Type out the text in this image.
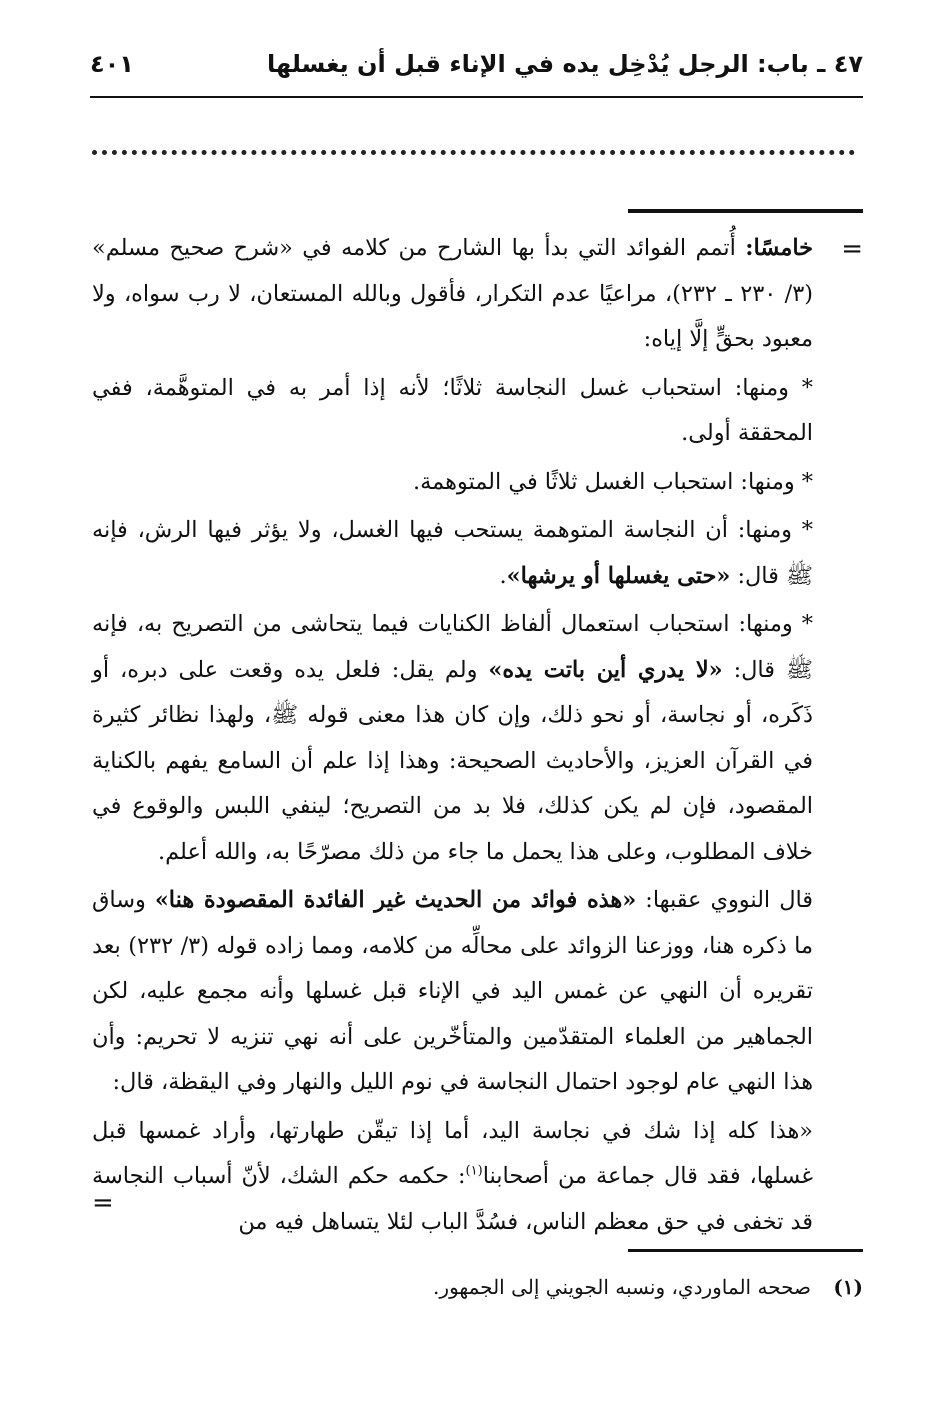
٤٧ ـ باب: الرجل يُدْخِل يده في الإناء قبل أن يغسلها
٤٠١
=

خامسًا: أُتمم الفوائد التي بدأ بها الشارح من كلامه في «شرح صحيح مسلم» (٣/ ٢٣٠ ـ ٢٣٢)، مراعيًا عدم التكرار، فأقول وبالله المستعان، لا رب سواه، ولا معبود بحقٍّ إلَّا إياه:

* ومنها: استحباب غسل النجاسة ثلاثًا؛ لأنه إذا أمر به في المتوهَّمة، ففي المحققة أولى.

* ومنها: استحباب الغسل ثلاثًا في المتوهمة.

* ومنها: أن النجاسة المتوهمة يستحب فيها الغسل، ولا يؤثر فيها الرش، فإنه ﷺ قال: «حتى يغسلها أو يرشها».

* ومنها: استحباب استعمال ألفاظ الكنايات فيما يتحاشى من التصريح به، فإنه ﷺ قال: «لا يدري أين باتت يده» ولم يقل: فلعل يده وقعت على دبره، أو ذَكَره، أو نجاسة، أو نحو ذلك، وإن كان هذا معنى قوله ﷺ، ولهذا نظائر كثيرة في القرآن العزيز، والأحاديث الصحيحة: وهذا إذا علم أن السامع يفهم بالكناية المقصود، فإن لم يكن كذلك، فلا بد من التصريح؛ لينفي اللبس والوقوع في خلاف المطلوب، وعلى هذا يحمل ما جاء من ذلك مصرّحًا به، والله أعلم.

قال النووي عقبها: «هذه فوائد من الحديث غير الفائدة المقصودة هنا» وساق ما ذكره هنا، ووزعنا الزوائد على محالِّه من كلامه، ومما زاده قوله (٣/ ٢٣٢) بعد تقريره أن النهي عن غمس اليد في الإناء قبل غسلها وأنه مجمع عليه، لكن الجماهير من العلماء المتقدّمين والمتأخّرين على أنه نهي تنزيه لا تحريم: وأن هذا النهي عام لوجود احتمال النجاسة في نوم الليل والنهار وفي اليقظة، قال:

«هذا كله إذا شك في نجاسة اليد، أما إذا تيقّن طهارتها، وأراد غمسها قبل غسلها، فقد قال جماعة من أصحابنا$^{(١)}$: حكمه حكم الشك، لأنّ أسباب النجاسة قد تخفى في حق معظم الناس، فسُدَّ الباب لئلا يتساهل فيه من

=
(١)صححه الماوردي، ونسبه الجويني إلى الجمهور.
